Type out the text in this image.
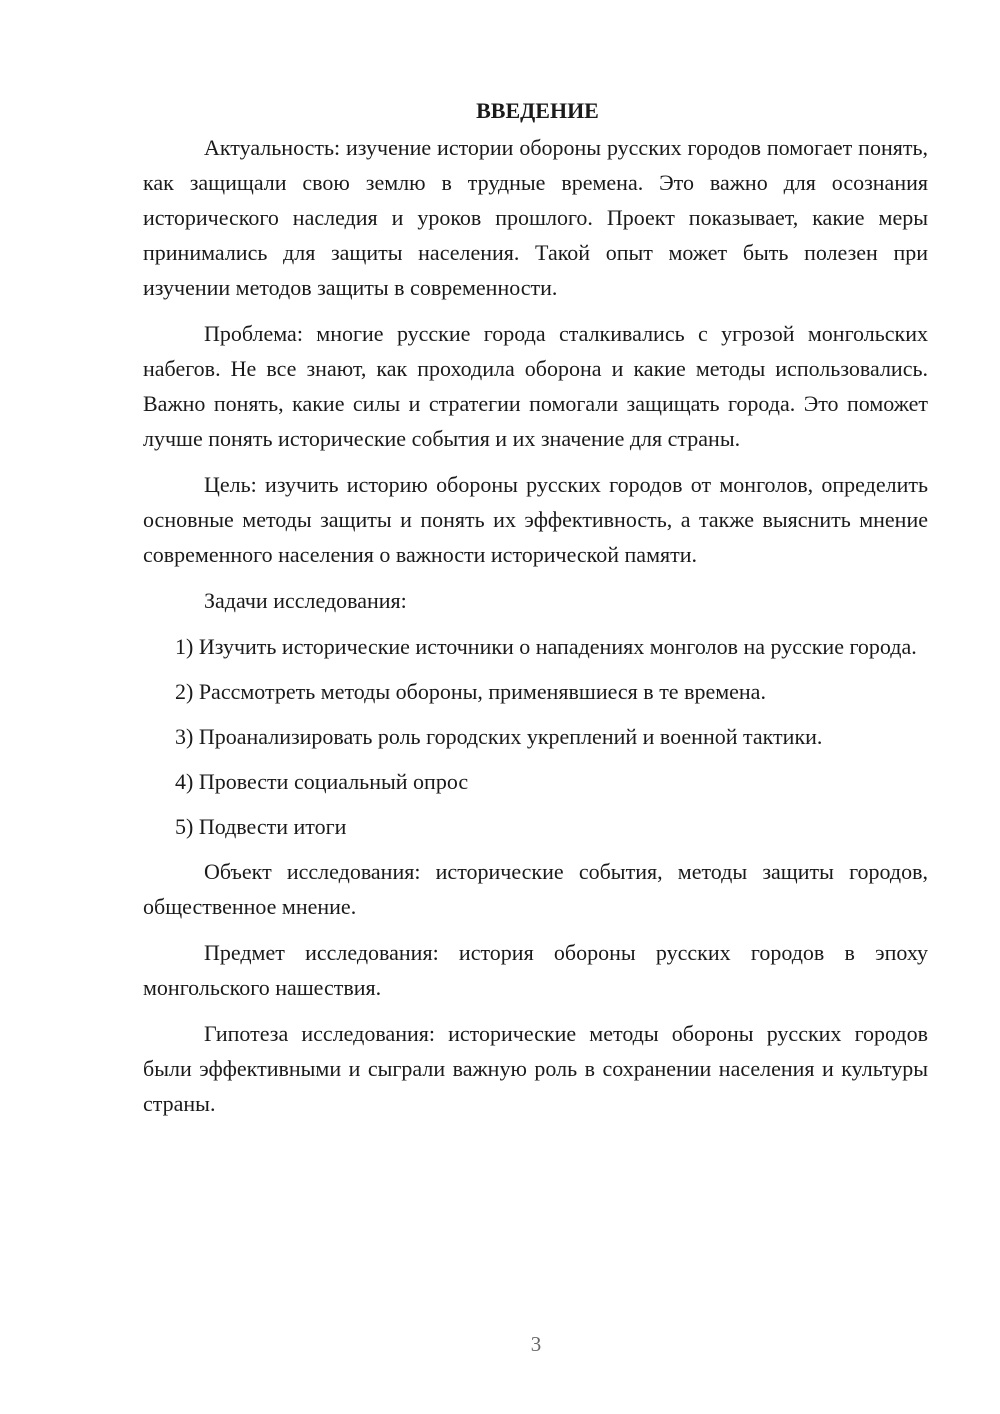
ВВЕДЕНИЕ

Актуальность: изучение истории обороны русских городов помогает понять, как защищали свою землю в трудные времена. Это важно для осознания исторического наследия и уроков прошлого. Проект показывает, какие меры принимались для защиты населения. Такой опыт может быть полезен при изучении методов защиты в современности.

Проблема: многие русские города сталкивались с угрозой монгольских набегов. Не все знают, как проходила оборона и какие методы использовались. Важно понять, какие силы и стратегии помогали защищать города. Это поможет лучше понять исторические события и их значение для страны.

Цель: изучить историю обороны русских городов от монголов, определить основные методы защиты и понять их эффективность, а также выяснить мнение современного населения о важности исторической памяти.

Задачи исследования:

1) Изучить исторические источники о нападениях монголов на русские города.

2) Рассмотреть методы обороны, применявшиеся в те времена.

3) Проанализировать роль городских укреплений и военной тактики.

4) Провести социальный опрос

5) Подвести итоги

Объект исследования: исторические события, методы защиты городов, общественное мнение.

Предмет исследования: история обороны русских городов в эпоху монгольского нашествия.

Гипотеза исследования: исторические методы обороны русских городов были эффективными и сыграли важную роль в сохранении населения и культуры страны.

3
